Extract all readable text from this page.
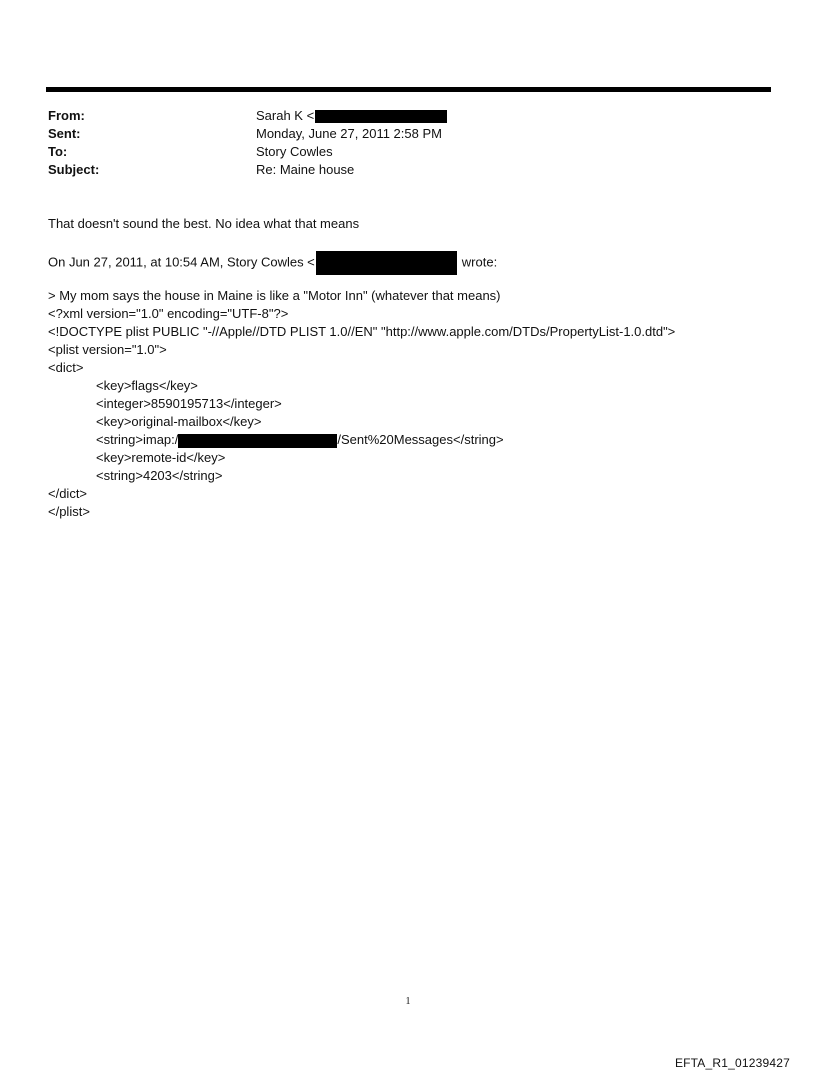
From:	Sarah K <
Sent:	Monday, June 27, 2011 2:58 PM
To:	Story Cowles
Subject:	Re: Maine house
That doesn't sound the best. No idea what that means
On Jun 27, 2011, at 10:54 AM, Story Cowles <	wrote:
> My mom says the house in Maine is like a "Motor Inn" (whatever that means)
<?xml version="1.0" encoding="UTF-8"?>
<!DOCTYPE plist PUBLIC "-//Apple//DTD PLIST 1.0//EN" "http://www.apple.com/DTDs/PropertyList-1.0.dtd">
<plist version="1.0">
<dict>
<key>flags</key>
<integer>8590195713</integer>
<key>original-mailbox</key>
<string>imap:/	/Sent%20Messages</string>
<key>remote-id</key>
<string>4203</string>
</dict>
</plist>
1
EFTA_R1_01239427
